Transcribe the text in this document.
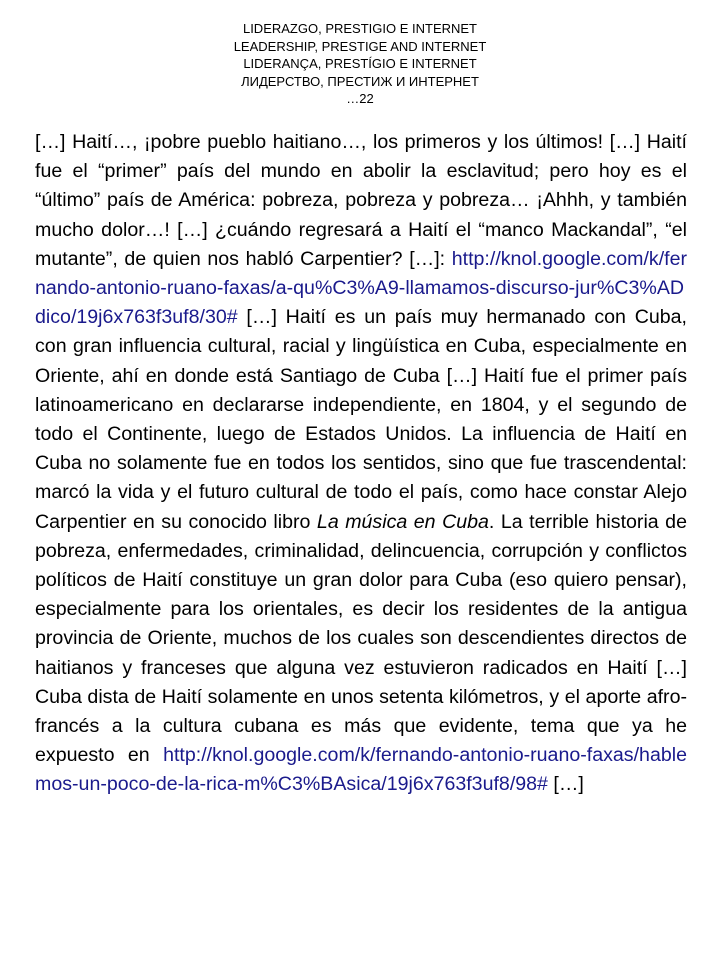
LIDERAZGO, PRESTIGIO E INTERNET
LEADERSHIP, PRESTIGE AND INTERNET
LIDERANÇA, PRESTÍGIO E INTERNET
ЛИДЕРСТВО, ПРЕСТИЖ И ИНТЕРНЕТ
…22

[…] Haití…, ¡pobre pueblo haitiano…, los primeros y los últimos! […] Haití fue el “primer” país del mundo en abolir la esclavitud; pero hoy es el “último” país de América: pobreza, pobreza y pobreza… ¡Ahhh, y también mucho dolor…! […] ¿cuándo regresará a Haití el “manco Mackandal”, “el mutante”, de quien nos habló Carpentier? […]: http://knol.google.com/k/fernando-antonio-ruano-faxas/a-qu%C3%A9-llamamos-discurso-jur%C3%ADdico/19j6x763f3uf8/30# […] Haití es un país muy hermanado con Cuba, con gran influencia cultural, racial y lingüística en Cuba, especialmente en Oriente, ahí en donde está Santiago de Cuba […] Haití fue el primer país latinoamericano en declararse independiente, en 1804, y el segundo de todo el Continente, luego de Estados Unidos. La influencia de Haití en Cuba no solamente fue en todos los sentidos, sino que fue trascendental: marcó la vida y el futuro cultural de todo el país, como hace constar Alejo Carpentier en su conocido libro La música en Cuba. La terrible historia de pobreza, enfermedades, criminalidad, delincuencia, corrupción y conflictos políticos de Haití constituye un gran dolor para Cuba (eso quiero pensar), especialmente para los orientales, es decir los residentes de la antigua provincia de Oriente, muchos de los cuales son descendientes directos de haitianos y franceses que alguna vez estuvieron radicados en Haití […] Cuba dista de Haití solamente en unos setenta kilómetros, y el aporte afro-francés a la cultura cubana es más que evidente, tema que ya he expuesto en http://knol.google.com/k/fernando-antonio-ruano-faxas/hablemos-un-poco-de-la-rica-m%C3%BAsica/19j6x763f3uf8/98# […]
